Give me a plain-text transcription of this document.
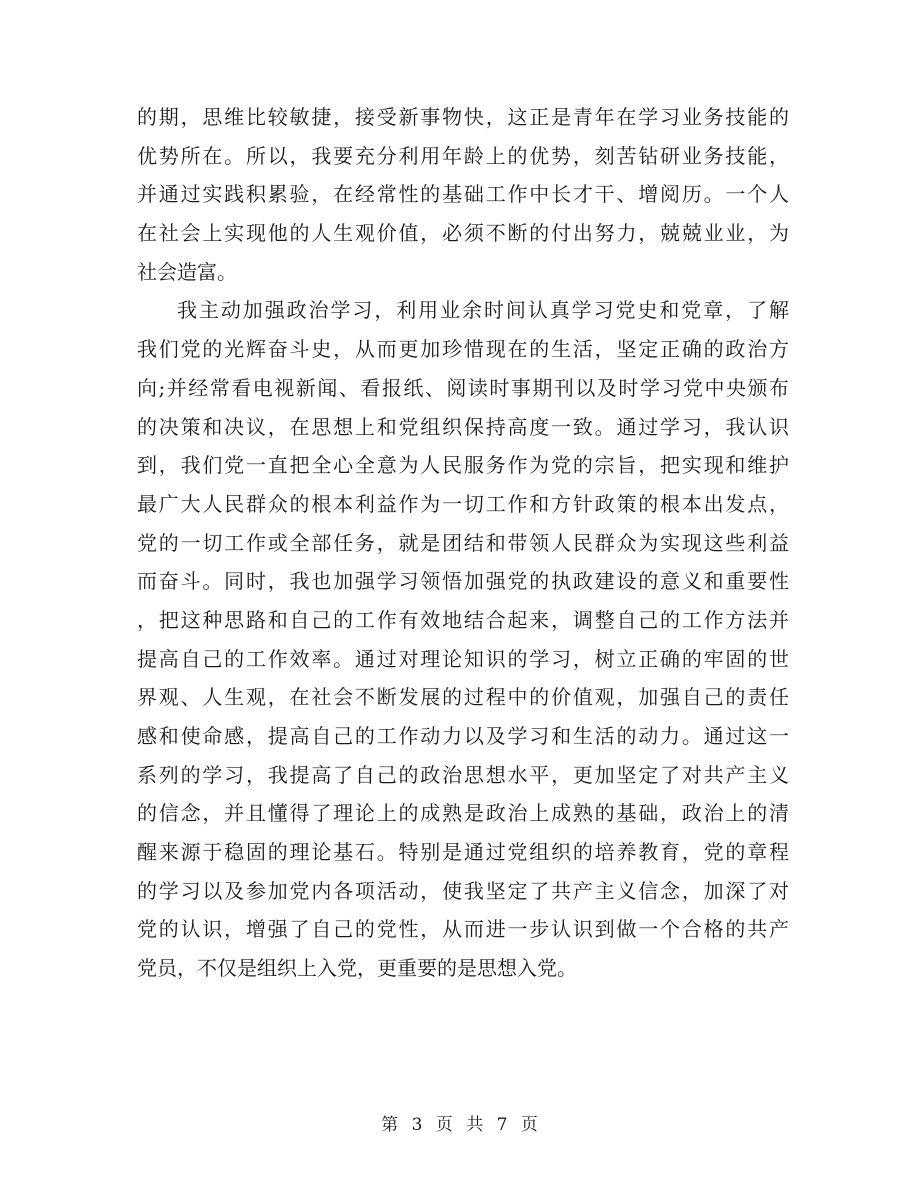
的期，思维比较敏捷，接受新事物快，这正是青年在学习业务技能的
优势所在。所以，我要充分利用年龄上的优势，刻苦钻研业务技能，
并通过实践积累验，在经常性的基础工作中长才干、增阅历。一个人
在社会上实现他的人生观价值，必须不断的付出努力，兢兢业业，为
社会造富。
我主动加强政治学习，利用业余时间认真学习党史和党章，了解
我们党的光辉奋斗史，从而更加珍惜现在的生活，坚定正确的政治方
向;并经常看电视新闻、看报纸、阅读时事期刊以及时学习党中央颁布
的决策和决议，在思想上和党组织保持高度一致。通过学习，我认识
到，我们党一直把全心全意为人民服务作为党的宗旨，把实现和维护
最广大人民群众的根本利益作为一切工作和方针政策的根本出发点，
党的一切工作或全部任务，就是团结和带领人民群众为实现这些利益
而奋斗。同时，我也加强学习领悟加强党的执政建设的意义和重要性
，把这种思路和自己的工作有效地结合起来，调整自己的工作方法并
提高自己的工作效率。通过对理论知识的学习，树立正确的牢固的世
界观、人生观，在社会不断发展的过程中的价值观，加强自己的责任
感和使命感，提高自己的工作动力以及学习和生活的动力。通过这一
系列的学习，我提高了自己的政治思想水平，更加坚定了对共产主义
的信念，并且懂得了理论上的成熟是政治上成熟的基础，政治上的清
醒来源于稳固的理论基石。特别是通过党组织的培养教育，党的章程
的学习以及参加党内各项活动，使我坚定了共产主义信念，加深了对
党的认识，增强了自己的党性，从而进一步认识到做一个合格的共产
党员，不仅是组织上入党，更重要的是思想入党。
第 3 页 共 7 页
